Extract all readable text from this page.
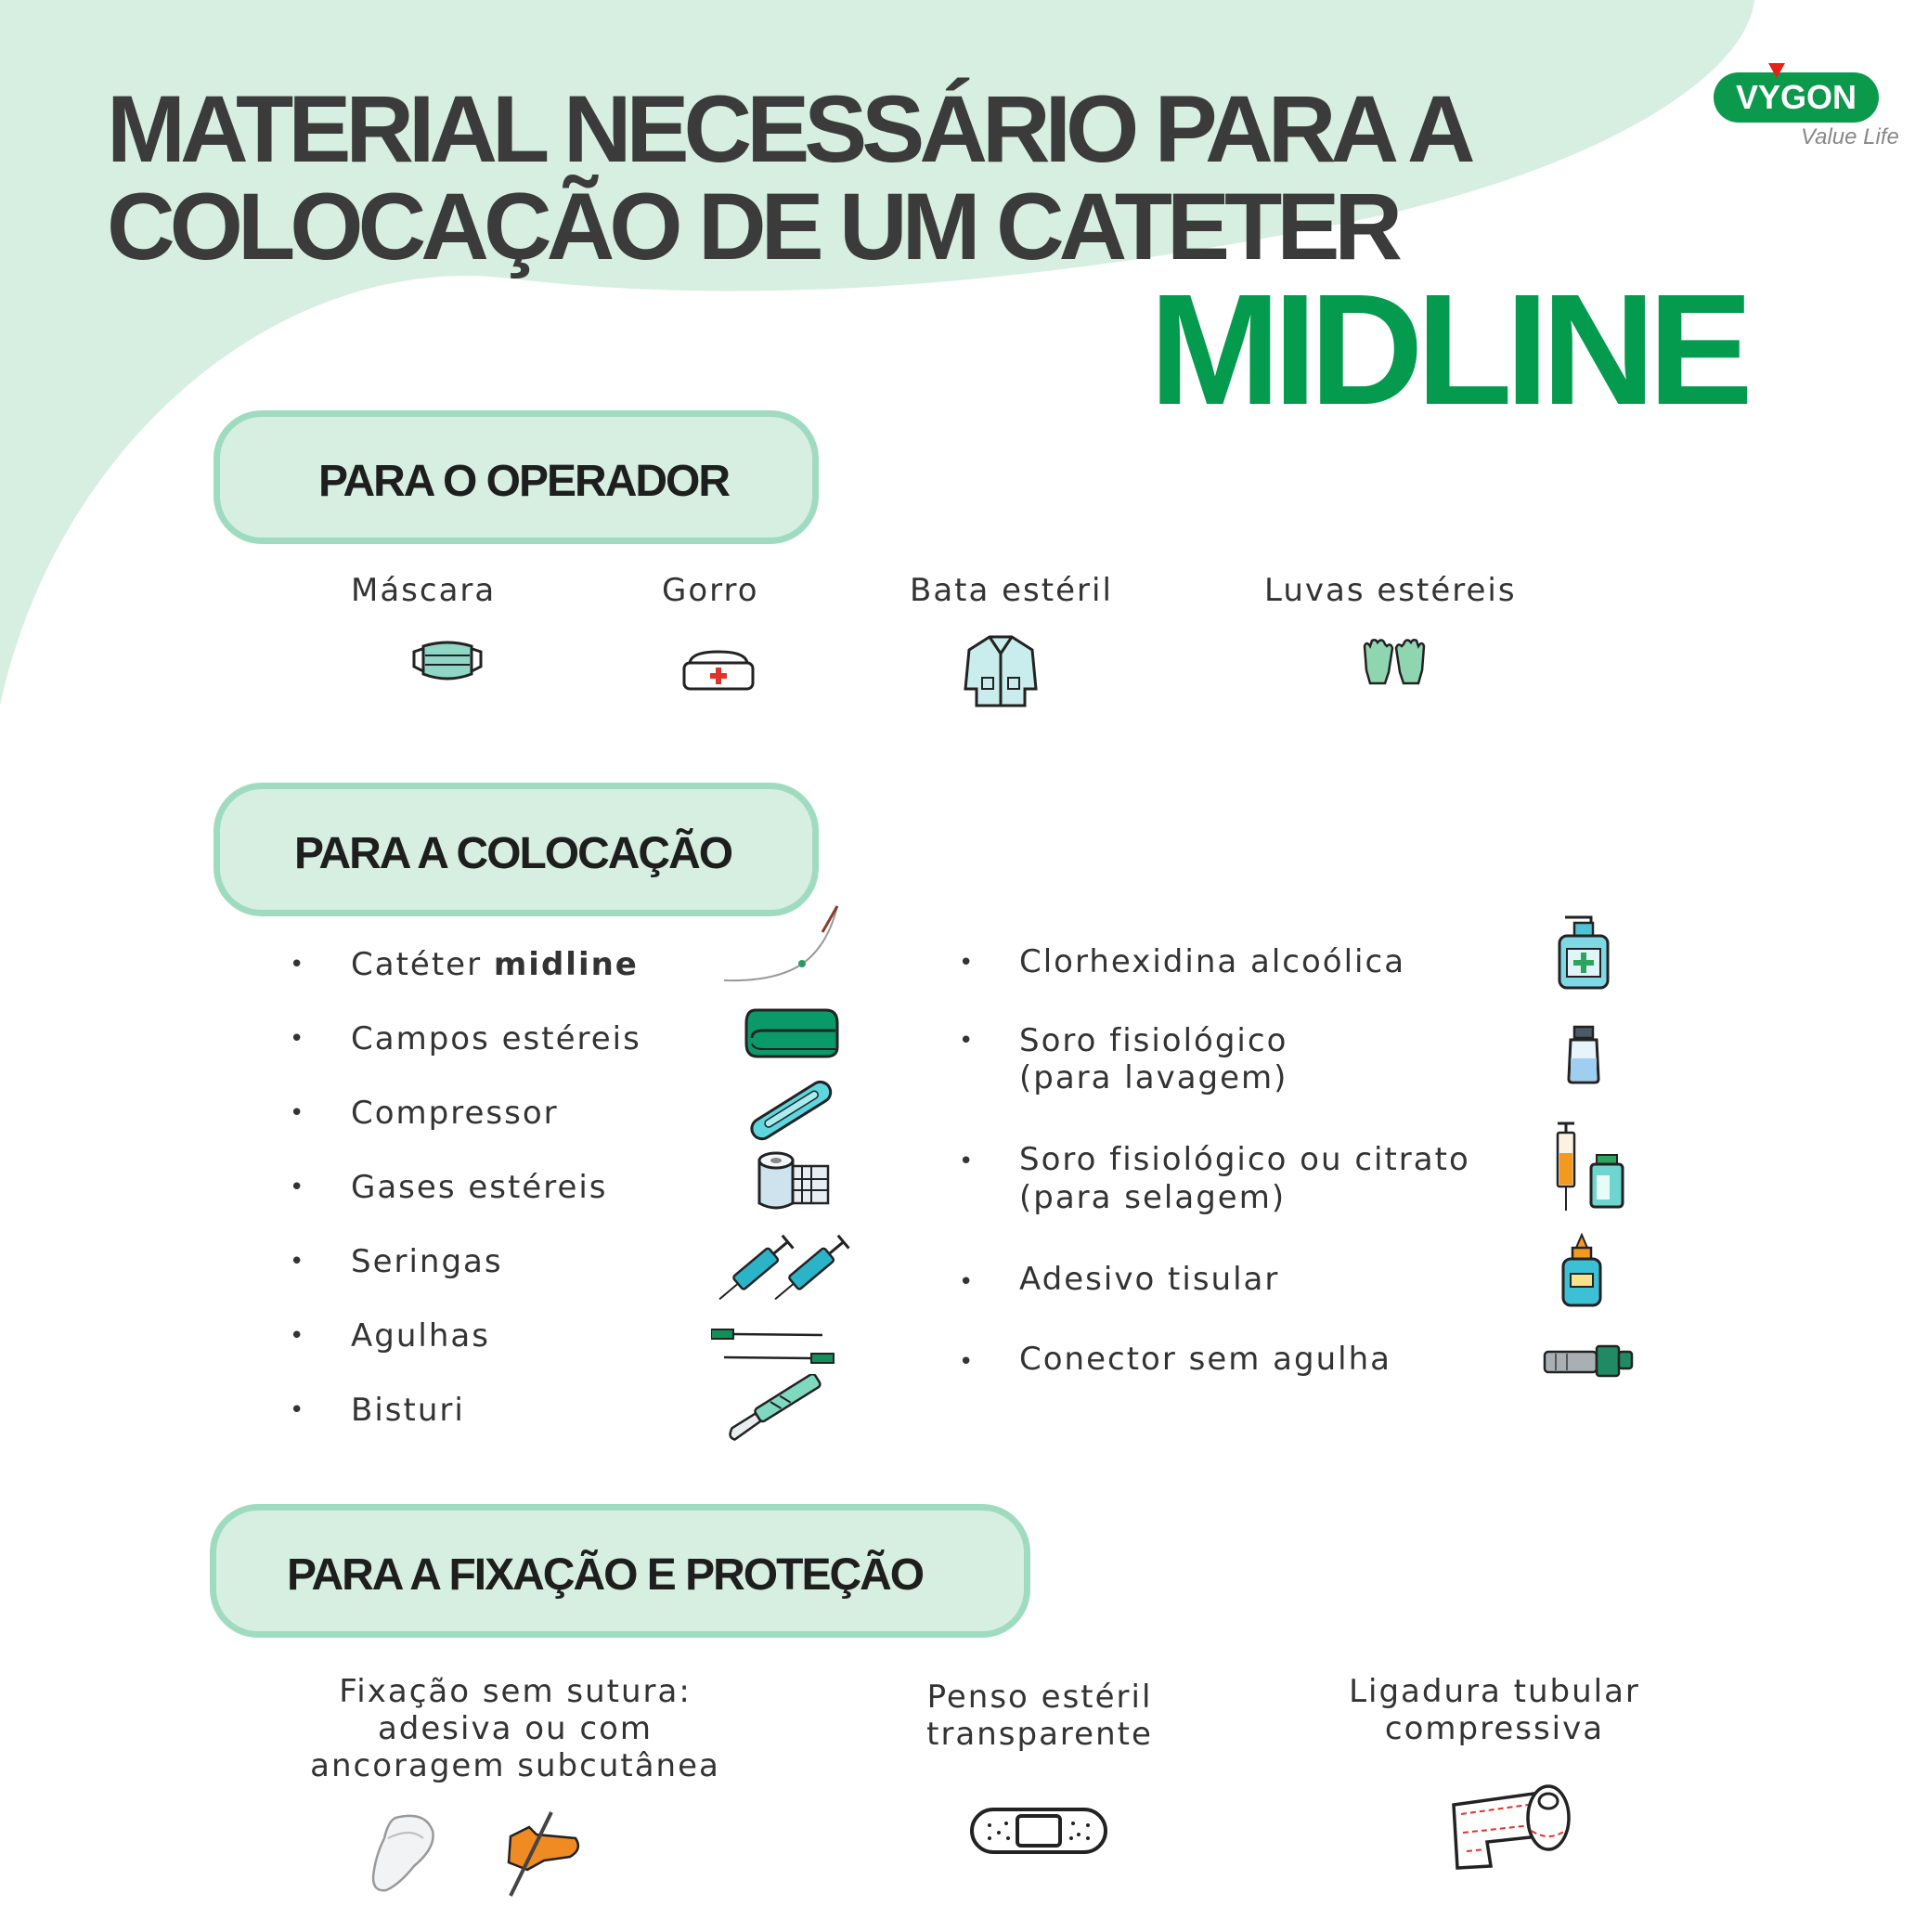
MATERIAL NECESSÁRIO PARA A
COLOCAÇÃO DE UM CATETER
MIDLINE
VYGON
Value Life
PARA O OPERADOR
Máscara	Gorro	Bata estéril	Luvas estéreis
PARA A COLOCAÇÃO
• Catéter midline
• Campos estéreis
• Compressor
• Gases estéreis
• Seringas
• Agulhas
• Bisturi
• Clorhexidina alcoólica
• Soro fisiológico
(para lavagem)
• Soro fisiológico ou citrato
(para selagem)
• Adesivo tisular
• Conector sem agulha
PARA A FIXAÇÃO E PROTEÇÃO
Fixação sem sutura:
adesiva ou com
ancoragem subcutânea
Penso estéril
transparente
Ligadura tubular
compressiva
